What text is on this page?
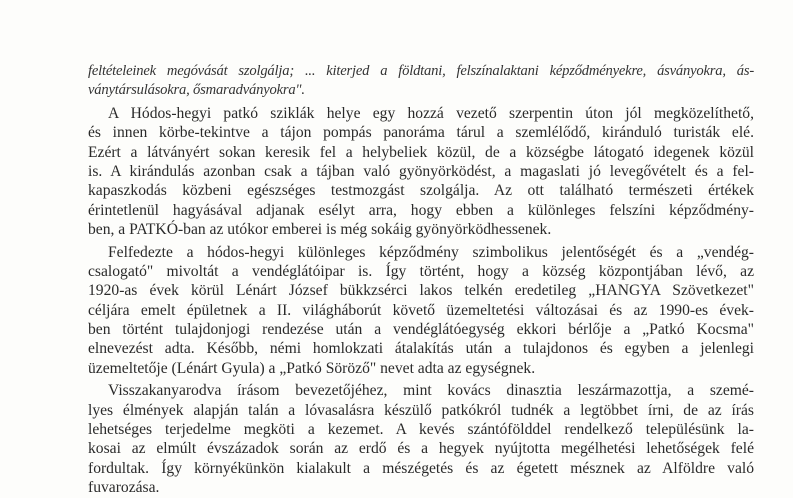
feltételeinek megóvását szolgálja; ... kiterjed a földtani, felszínalaktani képződményekre, ásványokra, ás-
ványtársulásokra, ősmaradványokra".
A Hódos-hegyi patkó sziklák helye egy hozzá vezető szerpentin úton jól megközelíthető,
és innen körbe-tekintve a tájon pompás panoráma tárul a szemlélődő, kiránduló turisták elé.
Ezért a látványért sokan keresik fel a helybeliek közül, de a községbe látogató idegenek közül
is. A kirándulás azonban csak a tájban való gyönyörködést, a magaslati jó levegővételt és a fel-
kapaszkodás közbeni egészséges testmozgást szolgálja. Az ott található természeti értékek
érintetlenül hagyásával adjanak esélyt arra, hogy ebben a különleges felszíni képződmény-
ben, a PATKÓ-ban az utókor emberei is még sokáig gyönyörködhessenek.
Felfedezte a hódos-hegyi különleges képződmény szimbolikus jelentőségét és a „vendég-
csalogató" mivoltát a vendéglátóipar is. Így történt, hogy a község központjában lévő, az
1920-as évek körül Lénárt József bükkzsérci lakos telkén eredetileg „HANGYA Szövetkezet"
céljára emelt épületnek a II. világháborút követő üzemeltetési változásai és az 1990-es évek-
ben történt tulajdonjogi rendezése után a vendéglátóegység ekkori bérlője a „Patkó Kocsma"
elnevezést adta. Később, némi homlokzati átalakítás után a tulajdonos és egyben a jelenlegi
üzemeltetője (Lénárt Gyula) a „Patkó Söröző" nevet adta az egységnek.
Visszakanyarodva írásom bevezetőjéhez, mint kovács dinasztia leszármazottja, a szemé-
lyes élmények alapján talán a lóvasalásra készülő patkókról tudnék a legtöbbet írni, de az írás
lehetséges terjedelme megköti a kezemet. A kevés szántófölddel rendelkező településünk la-
kosai az elmúlt évszázadok során az erdő és a hegyek nyújtotta megélhetési lehetőségek felé
fordultak. Így környékünkön kialakult a mészégetés és az égetett mésznek az Alföldre való
fuvarozása.
